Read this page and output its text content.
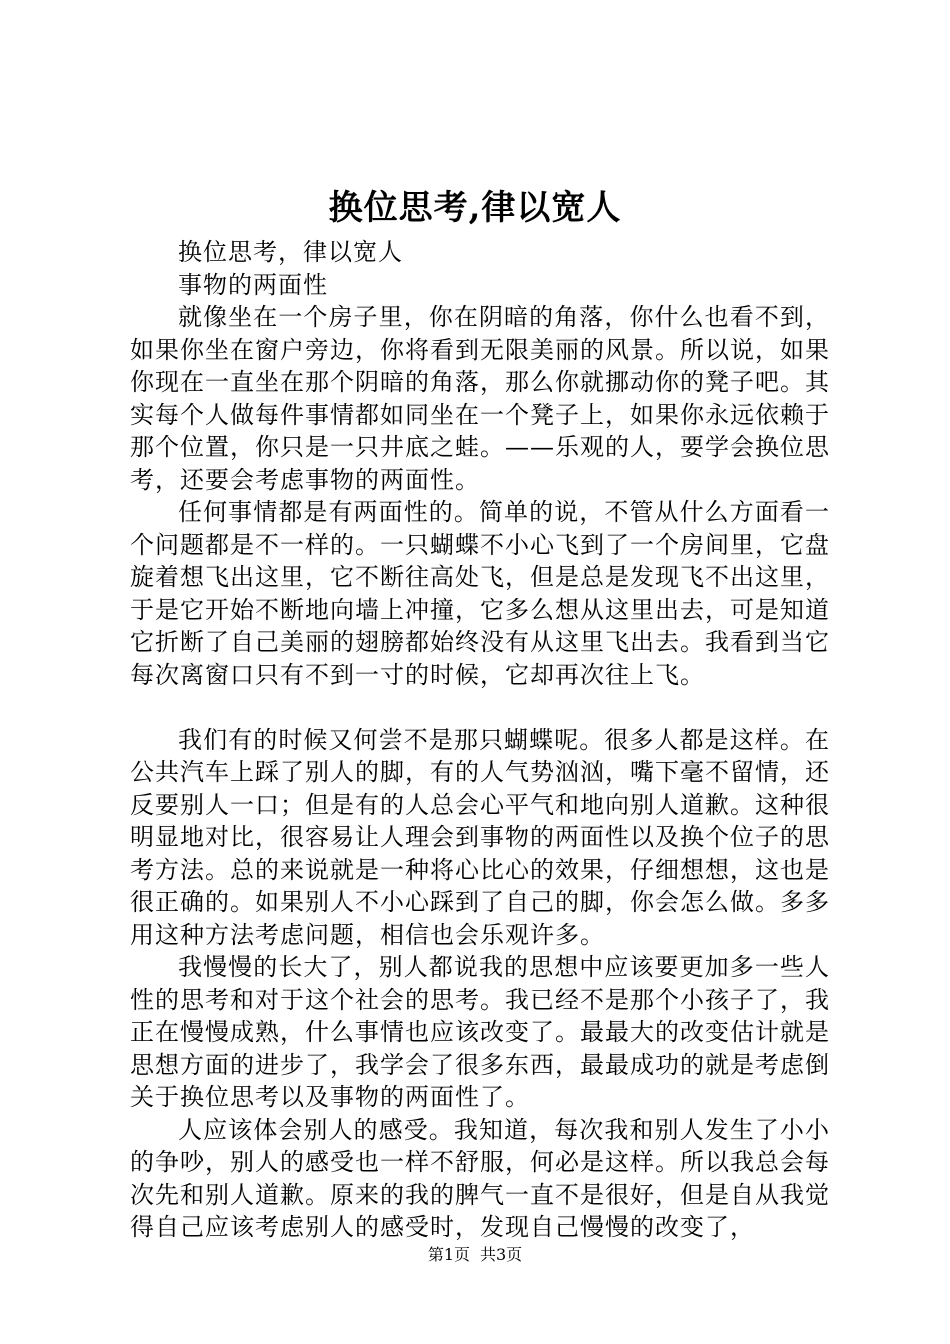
换位思考,律以宽人

换位思考，律以宽人

事物的两面性

就像坐在一个房子里，你在阴暗的角落，你什么也看不到，如果你坐在窗户旁边，你将看到无限美丽的风景。所以说，如果你现在一直坐在那个阴暗的角落，那么你就挪动你的凳子吧。其实每个人做每件事情都如同坐在一个凳子上，如果你永远依赖于那个位置，你只是一只井底之蛙。——乐观的人，要学会换位思考，还要会考虑事物的两面性。

任何事情都是有两面性的。简单的说，不管从什么方面看一个问题都是不一样的。一只蝴蝶不小心飞到了一个房间里，它盘旋着想飞出这里，它不断往高处飞，但是总是发现飞不出这里，于是它开始不断地向墙上冲撞，它多么想从这里出去，可是知道它折断了自己美丽的翅膀都始终没有从这里飞出去。我看到当它每次离窗口只有不到一寸的时候，它却再次往上飞。

我们有的时候又何尝不是那只蝴蝶呢。很多人都是这样。在公共汽车上踩了别人的脚，有的人气势汹汹，嘴下毫不留情，还反要别人一口；但是有的人总会心平气和地向别人道歉。这种很明显地对比，很容易让人理会到事物的两面性以及换个位子的思考方法。总的来说就是一种将心比心的效果，仔细想想，这也是很正确的。如果别人不小心踩到了自己的脚，你会怎么做。多多用这种方法考虑问题，相信也会乐观许多。

我慢慢的长大了，别人都说我的思想中应该要更加多一些人性的思考和对于这个社会的思考。我已经不是那个小孩子了，我正在慢慢成熟，什么事情也应该改变了。最最大的改变估计就是思想方面的进步了，我学会了很多东西，最最成功的就是考虑倒关于换位思考以及事物的两面性了。

人应该体会别人的感受。我知道，每次我和别人发生了小小的争吵，别人的感受也一样不舒服，何必是这样。所以我总会每次先和别人道歉。原来的我的脾气一直不是很好，但是自从我觉得自己应该考虑别人的感受时，发现自己慢慢的改变了，

第1页 共3页
